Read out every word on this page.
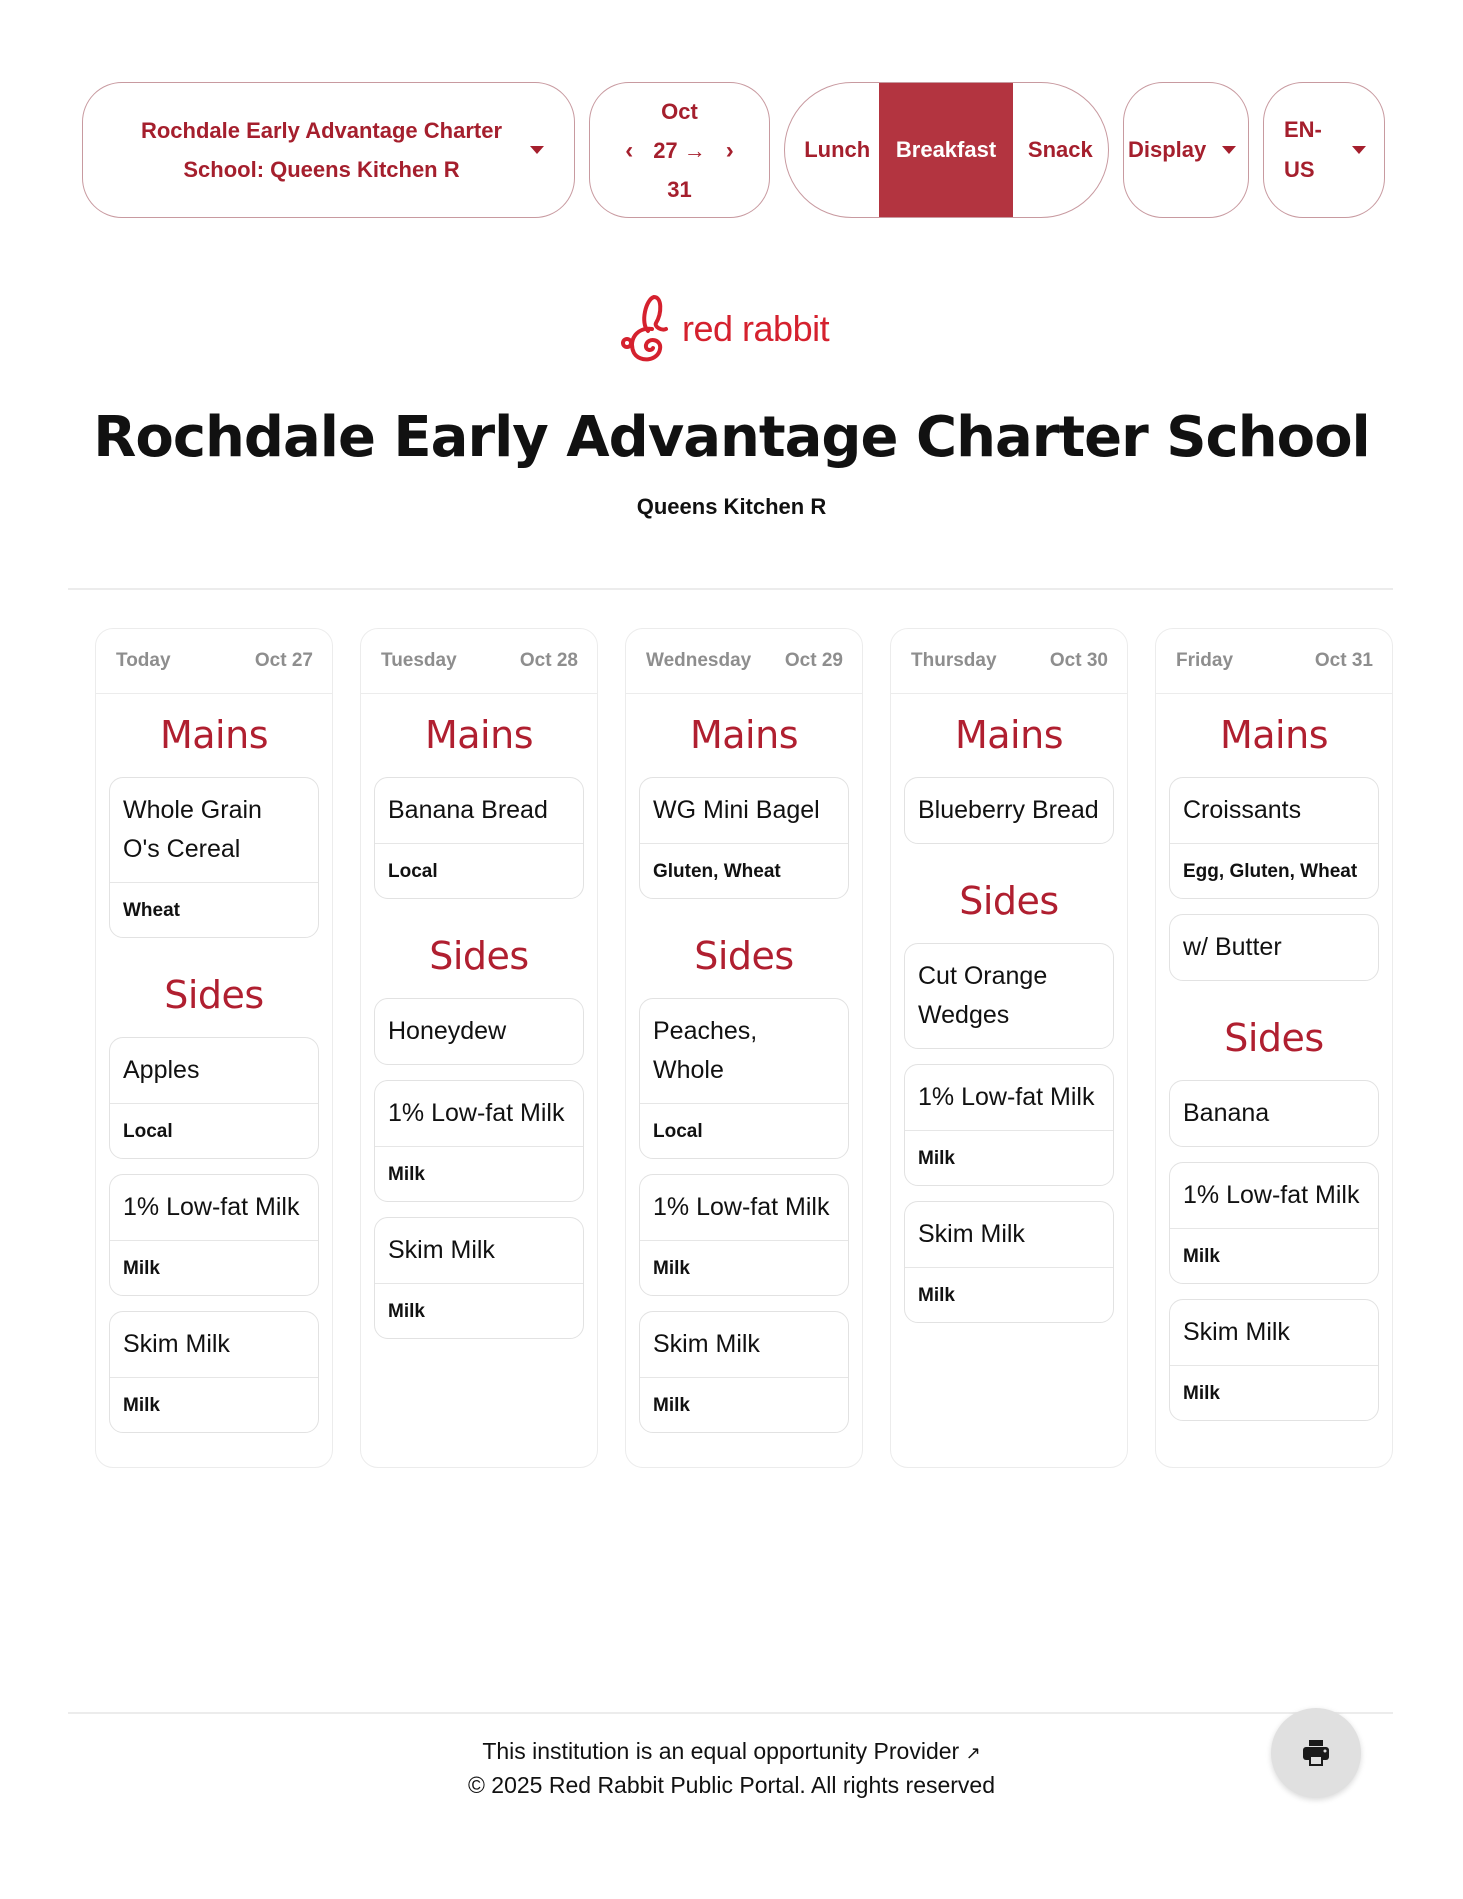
Rochdale Early Advantage Charter School: Queens Kitchen R
Oct
‹ 27 → ›
31
Lunch	Breakfast	Snack	Display
EN-US
red rabbit
Rochdale Early Advantage Charter School
Queens Kitchen R
Today	Oct 27
Mains
Whole Grain O's Cereal
Wheat
Sides
Apples
Local
1% Low-fat Milk
Milk
Skim Milk
Milk
Tuesday	Oct 28
Mains
Banana Bread
Local
Sides
Honeydew
1% Low-fat Milk
Milk
Skim Milk
Milk
Wednesday Oct 29
Mains
WG Mini Bagel
Gluten, Wheat
Sides
Peaches, Whole
Local
1% Low-fat Milk
Milk
Skim Milk
Milk
Thursday	Oct 30
Mains
Blueberry Bread
Sides
Cut Orange Wedges
1% Low-fat Milk
Milk
Skim Milk
Milk
Friday	Oct 31
Mains
Croissants
Egg, Gluten, Wheat
w/ Butter
Sides
Banana
1% Low-fat Milk
Milk
Skim Milk
Milk
This institution is an equal opportunity Provider ↗
© 2025 Red Rabbit Public Portal. All rights reserved
